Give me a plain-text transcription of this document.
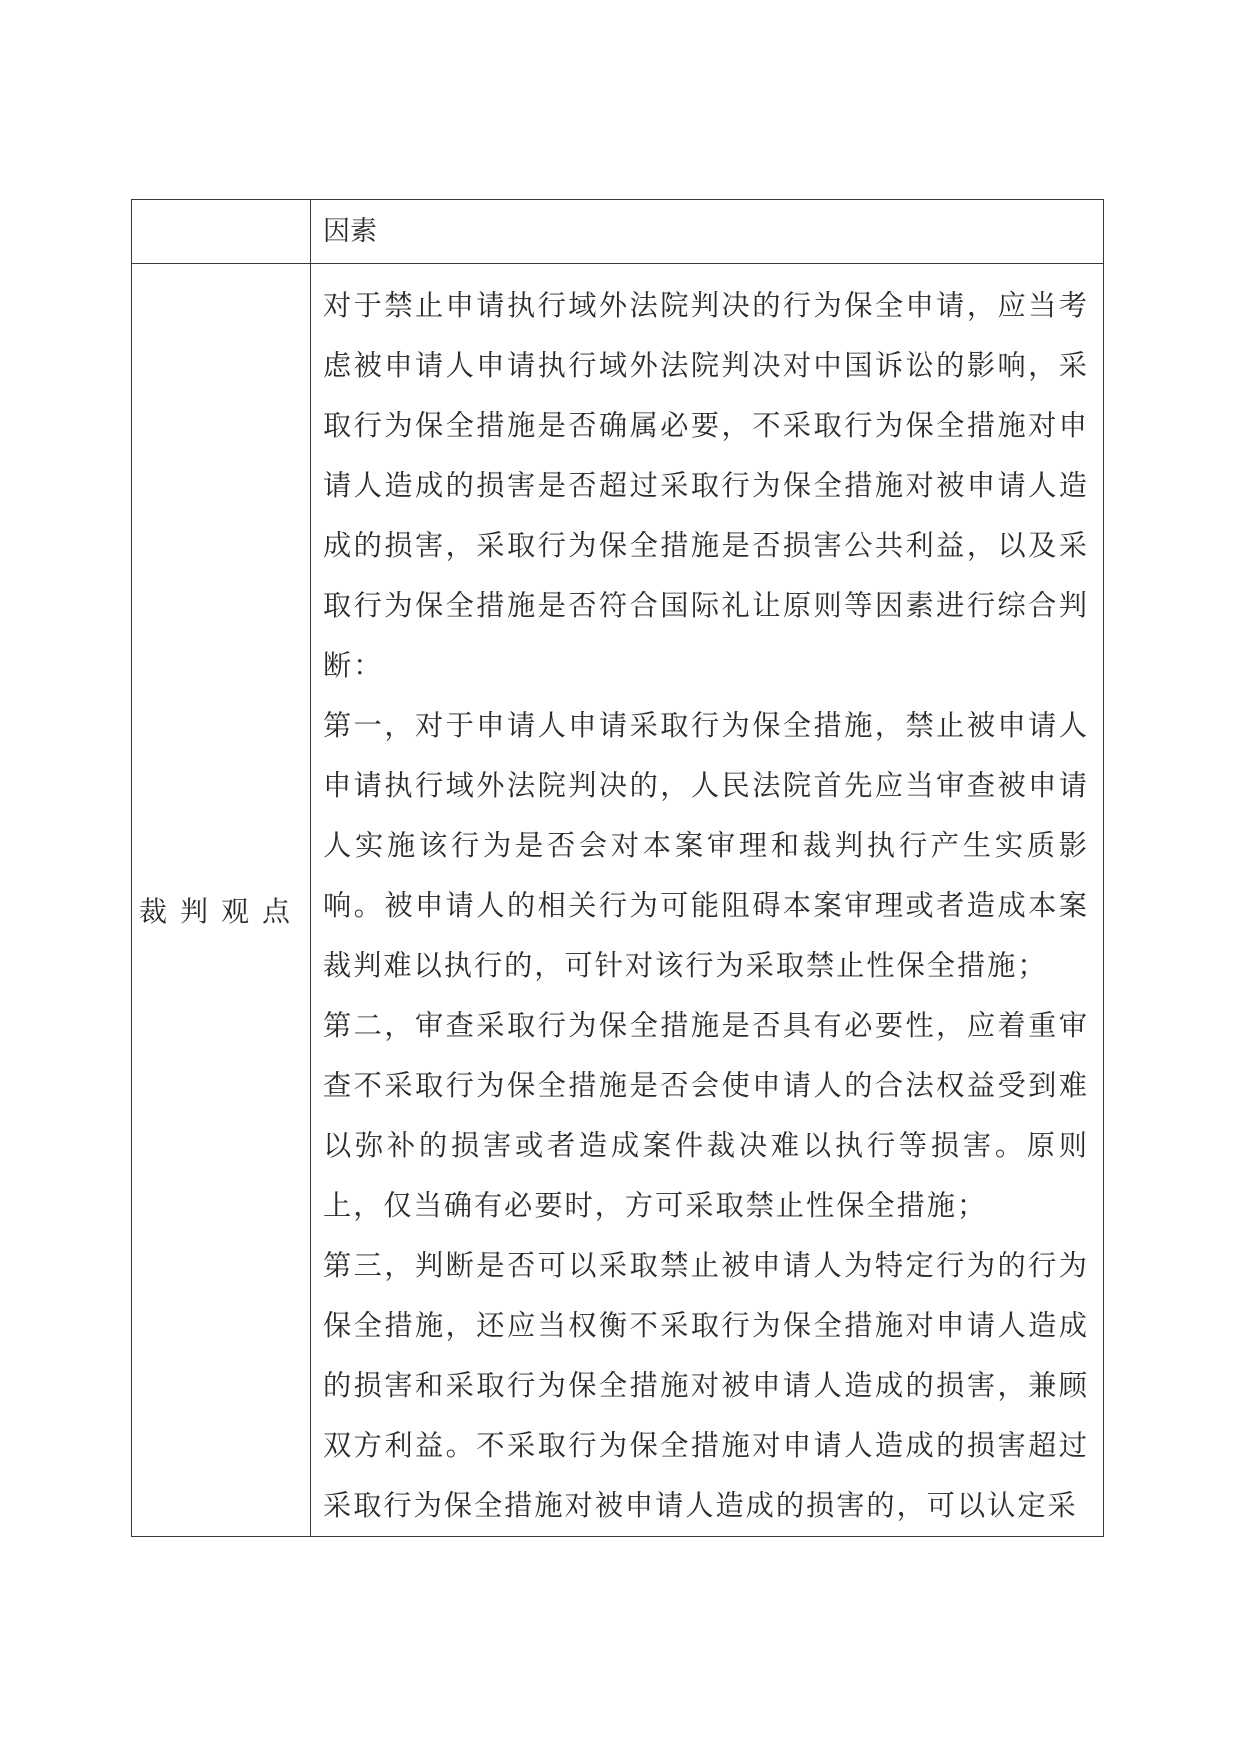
	因素
裁判观点	对于禁止申请执行域外法院判决的行为保全申请，应当考虑被申请人申请执行域外法院判决对中国诉讼的影响，采取行为保全措施是否确属必要，不采取行为保全措施对申请人造成的损害是否超过采取行为保全措施对被申请人造成的损害，采取行为保全措施是否损害公共利益，以及采取行为保全措施是否符合国际礼让原则等因素进行综合判断：

第一，对于申请人申请采取行为保全措施，禁止被申请人申请执行域外法院判决的，人民法院首先应当审查被申请人实施该行为是否会对本案审理和裁判执行产生实质影响。被申请人的相关行为可能阻碍本案审理或者造成本案裁判难以执行的，可针对该行为采取禁止性保全措施；

第二，审查采取行为保全措施是否具有必要性，应着重审查不采取行为保全措施是否会使申请人的合法权益受到难以弥补的损害或者造成案件裁决难以执行等损害。原则上，仅当确有必要时，方可采取禁止性保全措施；

第三，判断是否可以采取禁止被申请人为特定行为的行为保全措施，还应当权衡不采取行为保全措施对申请人造成的损害和采取行为保全措施对被申请人造成的损害，兼顾双方利益。不采取行为保全措施对申请人造成的损害超过采取行为保全措施对被申请人造成的损害的，可以认定采
